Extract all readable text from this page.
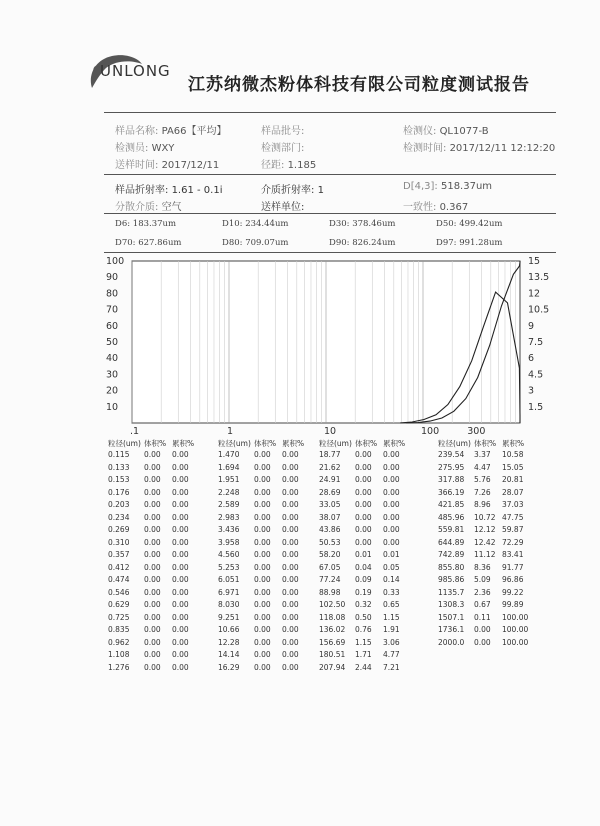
UNLONG
江苏纳微杰粉体科技有限公司粒度测试报告
样品名称: PA66【平均】	样品批号:	检测仪: QL1077-B
检测员: WXY	检测部门:	检测时间: 2017/12/11 12:12:20
送样时间: 2017/12/11	径距: 1.185
样品折射率: 1.61 - 0.1i	介质折射率: 1	D[4,3]: 518.37um
分散介质: 空气	送样单位:	一致性: 0.367
D6: 183.37um	D10: 234.44um	D30: 378.46um	D50: 499.42um
D70: 627.86um	D80: 709.07um	D90: 826.24um	D97: 991.28um
100
90
80
70
60
50
40
30
20
10
15
13.5
12
10.5
9
7.5
6
4.5
3
1.5
.1	1	10	100	300
粒径(um) 体积% 累积%
0.115 0.00 0.00
0.133 0.00 0.00
0.153 0.00 0.00
0.176 0.00 0.00
0.203 0.00 0.00
0.234 0.00 0.00
0.269 0.00 0.00
0.310 0.00 0.00
0.357 0.00 0.00
0.412 0.00 0.00
0.474 0.00 0.00
0.546 0.00 0.00
0.629 0.00 0.00
0.725 0.00 0.00
0.835 0.00 0.00
0.962 0.00 0.00
1.108 0.00 0.00
1.276 0.00 0.00
粒径(um) 体积% 累积%
1.470 0.00 0.00
1.694 0.00 0.00
1.951 0.00 0.00
2.248 0.00 0.00
2.589 0.00 0.00
2.983 0.00 0.00
3.436 0.00 0.00
3.958 0.00 0.00
4.560 0.00 0.00
5.253 0.00 0.00
6.051 0.00 0.00
6.971 0.00 0.00
8.030 0.00 0.00
9.251 0.00 0.00
10.66 0.00 0.00
12.28 0.00 0.00
14.14 0.00 0.00
16.29 0.00 0.00
粒径(um) 体积% 累积%
18.77 0.00 0.00
21.62 0.00 0.00
24.91 0.00 0.00
28.69 0.00 0.00
33.05 0.00 0.00
38.07 0.00 0.00
43.86 0.00 0.00
50.53 0.00 0.00
58.20 0.01 0.01
67.05 0.04 0.05
77.24 0.09 0.14
88.98 0.19 0.33
102.50 0.32 0.65
118.08 0.50 1.15
136.02 0.76 1.91
156.69 1.15 3.06
180.51 1.71 4.77
207.94 2.44 7.21
粒径(um) 体积% 累积%
239.54 3.37 10.58
275.95 4.47 15.05
317.88 5.76 20.81
366.19 7.26 28.07
421.85 8.96 37.03
485.96 10.72 47.75
559.81 12.12 59.87
644.89 12.42 72.29
742.89 11.12 83.41
855.80 8.36 91.77
985.86 5.09 96.86
1135.7 2.36 99.22
1308.3 0.67 99.89
1507.1 0.11 100.00
1736.1 0.00 100.00
2000.0 0.00 100.00
